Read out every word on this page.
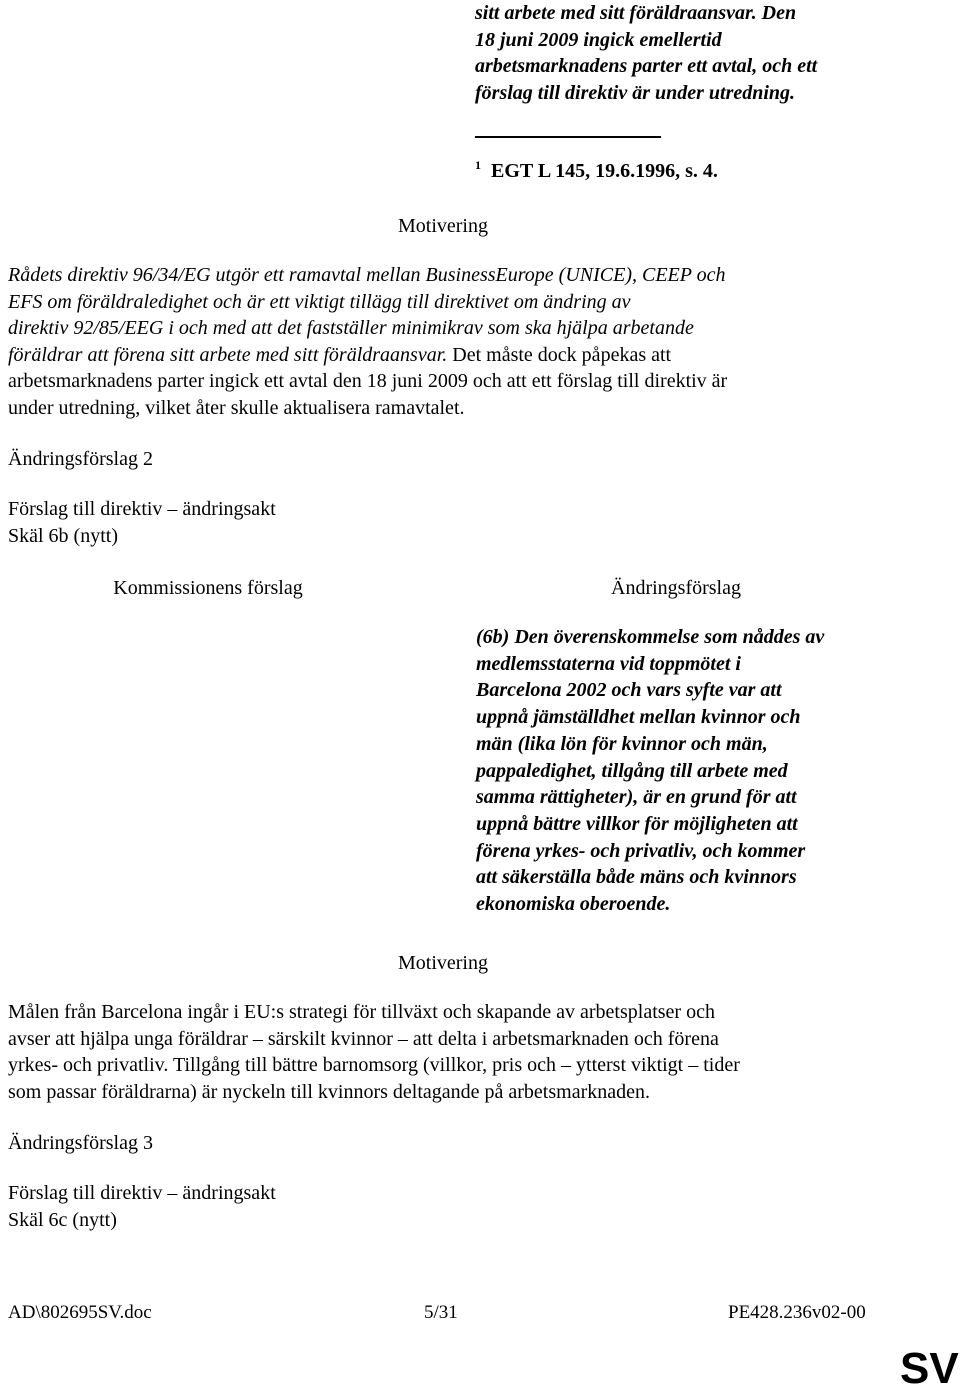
sitt arbete med sitt föräldraansvar. Den
18 juni 2009 ingick emellertid
arbetsmarknadens parter ett avtal, och ett
förslag till direktiv är under utredning.
$^1$ EGT L 145, 19.6.1996, s. 4.
Motivering
Rådets direktiv 96/34/EG utgör ett ramavtal mellan BusinessEurope (UNICE), CEEP och
EFS om föräldraledighet och är ett viktigt tillägg till direktivet om ändring av
direktiv 92/85/EEG i och med att det fastställer minimikrav som ska hjälpa arbetande
föräldrar att förena sitt arbete med sitt föräldraansvar. Det måste dock påpekas att
arbetsmarknadens parter ingick ett avtal den 18 juni 2009 och att ett förslag till direktiv är
under utredning, vilket åter skulle aktualisera ramavtalet.
Ändringsförslag 2
Förslag till direktiv – ändringsakt
Skäl 6b (nytt)
Kommissionens förslag	Ändringsförslag
(6b) Den överenskommelse som nåddes av
medlemsstaterna vid toppmötet i
Barcelona 2002 och vars syfte var att
uppnå jämställdhet mellan kvinnor och
män (lika lön för kvinnor och män,
pappaledighet, tillgång till arbete med
samma rättigheter), är en grund för att
uppnå bättre villkor för möjligheten att
förena yrkes- och privatliv, och kommer
att säkerställa både mäns och kvinnors
ekonomiska oberoende.
Motivering
Målen från Barcelona ingår i EU:s strategi för tillväxt och skapande av arbetsplatser och
avser att hjälpa unga föräldrar – särskilt kvinnor – att delta i arbetsmarknaden och förena
yrkes- och privatliv. Tillgång till bättre barnomsorg (villkor, pris och – ytterst viktigt – tider
som passar föräldrarna) är nyckeln till kvinnors deltagande på arbetsmarknaden.
Ändringsförslag 3
Förslag till direktiv – ändringsakt
Skäl 6c (nytt)
AD\802695SV.doc	5/31	PE428.236v02-00
SV
